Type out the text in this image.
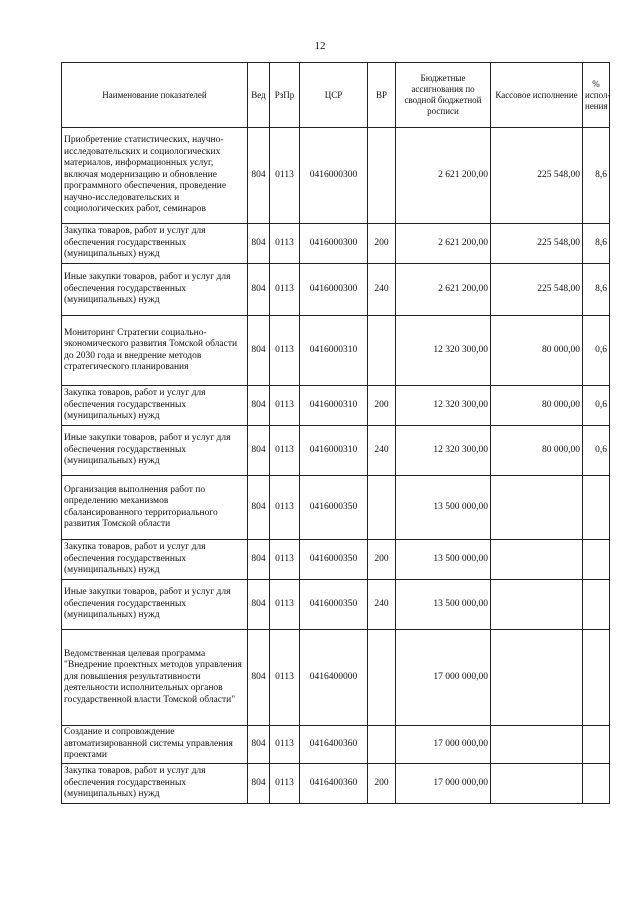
12
Наименование показателей	Вед	РзПр	ЦСР	ВР	Бюджетные ассигнования по сводной бюджетной росписи	Кассовое исполнение	% испол-нения
Приобретение статистических, научно-исследовательских и социологических материалов, информационных услуг, включая модернизацию и обновление программного обеспечения, проведение научно-исследовательских и социологических работ, семинаров	804	0113	0416000300		2 621 200,00	225 548,00	8,6
Закупка товаров, работ и услуг для обеспечения государственных (муниципальных) нужд	804	0113	0416000300	200	2 621 200,00	225 548,00	8,6
Иные закупки товаров, работ и услуг для обеспечения государственных (муниципальных) нужд	804	0113	0416000300	240	2 621 200,00	225 548,00	8,6
Мониторинг Стратегии социально-экономического развития Томской области до 2030 года и внедрение методов стратегического планирования	804	0113	0416000310		12 320 300,00	80 000,00	0,6
Закупка товаров, работ и услуг для обеспечения государственных (муниципальных) нужд	804	0113	0416000310	200	12 320 300,00	80 000,00	0,6
Иные закупки товаров, работ и услуг для обеспечения государственных (муниципальных) нужд	804	0113	0416000310	240	12 320 300,00	80 000,00	0,6
Организация выполнения работ по определению механизмов сбалансированного территориального развития Томской области	804	0113	0416000350		13 500 000,00		
Закупка товаров, работ и услуг для обеспечения государственных (муниципальных) нужд	804	0113	0416000350	200	13 500 000,00		
Иные закупки товаров, работ и услуг для обеспечения государственных (муниципальных) нужд	804	0113	0416000350	240	13 500 000,00		
Ведомственная целевая программа "Внедрение проектных методов управления для повышения результативности деятельности исполнительных органов государственной власти Томской области"	804	0113	0416400000		17 000 000,00		
Создание и сопровождение автоматизированной системы управления проектами	804	0113	0416400360		17 000 000,00		
Закупка товаров, работ и услуг для обеспечения государственных (муниципальных) нужд	804	0113	0416400360	200	17 000 000,00		
